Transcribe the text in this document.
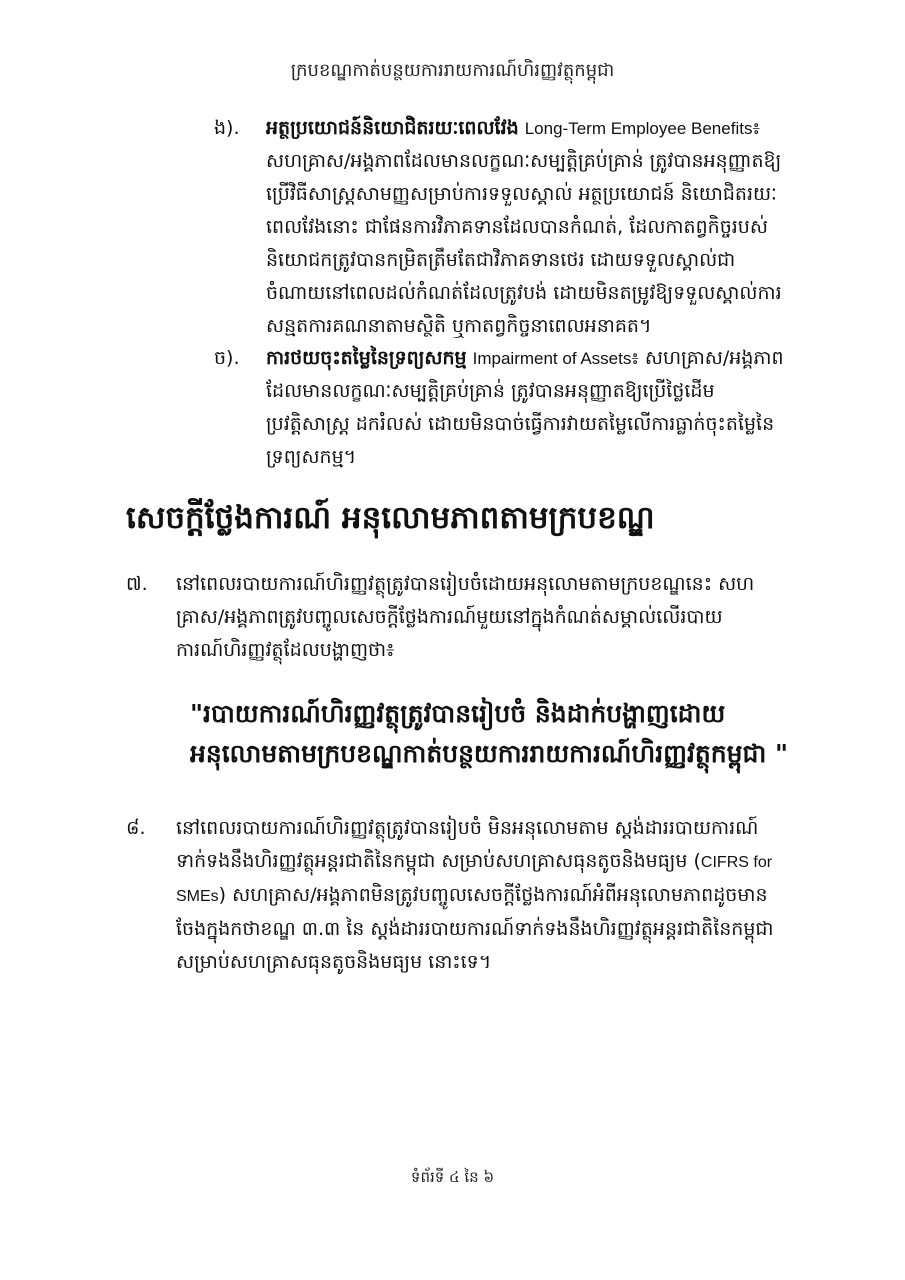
ក្របខណ្ឌកាត់បន្ថយការរាយការណ៍ហិរញ្ញវត្ថុកម្ពុជា
ង). អត្ថប្រយោជន៍និយោជិតរយៈពេលវែង Long-Term Employee Benefits៖ សហគ្រាស/អង្គភាពដែលមានលក្ខណៈសម្បត្តិគ្រប់គ្រាន់ ត្រូវបានអនុញ្ញាតឱ្យប្រើវិធីសាស្ត្រសាមញ្ញសម្រាប់ការទទួលស្គាល់ អត្ថប្រយោជន៍ និយោជិតរយៈពេលវែងនោះ ជាផែនការវិភាគទានដែលបានកំណត់, ដែលកាតព្វកិច្ចរបស់និយោជកត្រូវបានកម្រិតត្រឹមតែជាវិភាគទានថេរ ដោយទទួលស្គាល់ជាចំណាយនៅពេលដល់កំណត់ដែលត្រូវបង់ ដោយមិនតម្រូវឱ្យទទួលស្គាល់ការសន្មតការគណនាតាមស្ថិតិ ឬកាតព្វកិច្ចនាពេលអនាគត។
ច). ការថយចុះតម្លៃនៃទ្រព្យសកម្ម Impairment of Assets៖ សហគ្រាស/អង្គភាពដែលមានលក្ខណៈសម្បត្តិគ្រប់គ្រាន់ ត្រូវបានអនុញ្ញាតឱ្យប្រើថ្លៃដើមប្រវត្តិសាស្ត្រ ដករំលស់ ដោយមិនបាច់ធ្វើការវាយតម្លៃលើការធ្លាក់ចុះតម្លៃនៃទ្រព្យសកម្ម។
សេចក្តីថ្លែងការណ៍ អនុលោមភាពតាមក្របខណ្ឌ
៧. នៅពេលរបាយការណ៍ហិរញ្ញវត្ថុត្រូវបានរៀបចំដោយអនុលោមតាមក្របខណ្ឌនេះ សហគ្រាស/អង្គភាពត្រូវបញ្ចូលសេចក្តីថ្លែងការណ៍មួយនៅក្នុងកំណត់សម្គាល់លើរបាយការណ៍ហិរញ្ញវត្ថុដែលបង្ហាញថា៖
"របាយការណ៍ហិរញ្ញវត្ថុត្រូវបានរៀបចំ និងដាក់បង្ហាញដោយអនុលោមតាមក្របខណ្ឌកាត់បន្ថយការរាយការណ៍ហិរញ្ញវត្ថុកម្ពុជា "
៨. នៅពេលរបាយការណ៍ហិរញ្ញវត្ថុត្រូវបានរៀបចំ មិនអនុលោមតាម ស្តង់ដាររបាយការណ៍ទាក់ទងនឹងហិរញ្ញវត្ថុអន្តរជាតិនៃកម្ពុជា សម្រាប់សហគ្រាសធុនតូចនិងមធ្យម (CIFRS for SMEs) សហគ្រាស/អង្គភាពមិនត្រូវបញ្ចូលសេចក្តីថ្លែងការណ៍អំពីអនុលោមភាពដូចមាន ចែងក្នុងកថាខណ្ឌ ៣.៣ នៃ ស្តង់ដាររបាយការណ៍ទាក់ទងនឹងហិរញ្ញវត្ថុអន្តរជាតិនៃកម្ពុជាសម្រាប់សហគ្រាសធុនតូចនិងមធ្យម នោះទេ។
ទំព័រទី ៤ នៃ ៦
